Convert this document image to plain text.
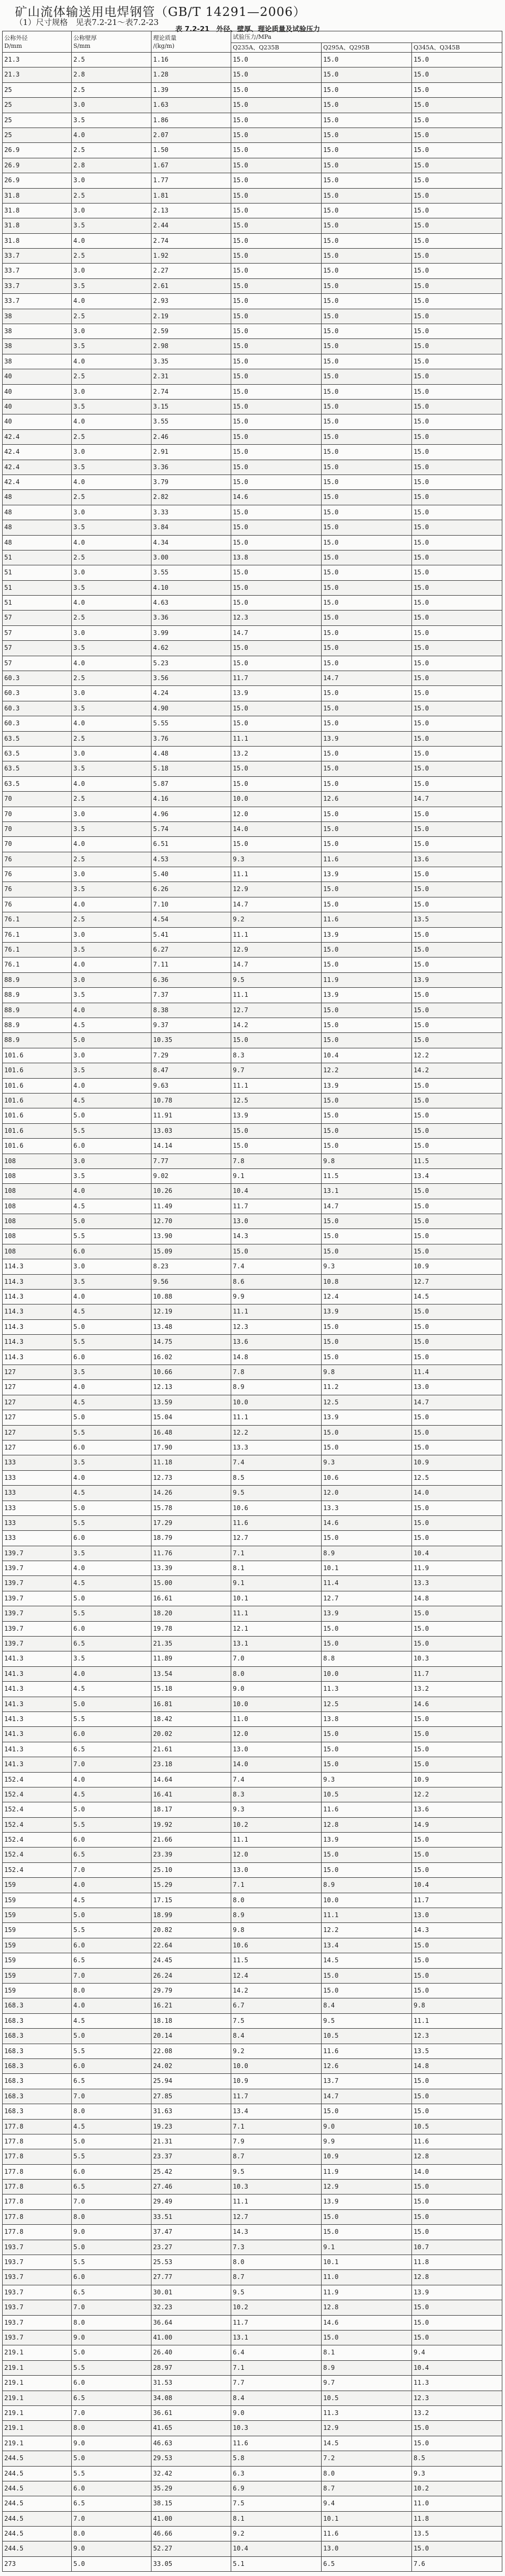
矿山流体输送用电焊钢管（GB/T 14291—2006）
（1）尺寸规格　见表7.2-21～表7.2-23
表 7.2-21　外径、壁厚、理论质量及试验压力
公称外径
D/mm	公称壁厚
S/mm	理论质量
/(kg/m)	试验压力/MPa		
			Q235A、Q235B	Q295A、Q295B	Q345A、Q345B
21.3	2.5	1.16	15.0	15.0	15.0
21.3	2.8	1.28	15.0	15.0	15.0
25	2.5	1.39	15.0	15.0	15.0
25	3.0	1.63	15.0	15.0	15.0
25	3.5	1.86	15.0	15.0	15.0
25	4.0	2.07	15.0	15.0	15.0
26.9	2.5	1.50	15.0	15.0	15.0
26.9	2.8	1.67	15.0	15.0	15.0
26.9	3.0	1.77	15.0	15.0	15.0
31.8	2.5	1.81	15.0	15.0	15.0
31.8	3.0	2.13	15.0	15.0	15.0
31.8	3.5	2.44	15.0	15.0	15.0
31.8	4.0	2.74	15.0	15.0	15.0
33.7	2.5	1.92	15.0	15.0	15.0
33.7	3.0	2.27	15.0	15.0	15.0
33.7	3.5	2.61	15.0	15.0	15.0
33.7	4.0	2.93	15.0	15.0	15.0
38	2.5	2.19	15.0	15.0	15.0
38	3.0	2.59	15.0	15.0	15.0
38	3.5	2.98	15.0	15.0	15.0
38	4.0	3.35	15.0	15.0	15.0
40	2.5	2.31	15.0	15.0	15.0
40	3.0	2.74	15.0	15.0	15.0
40	3.5	3.15	15.0	15.0	15.0
40	4.0	3.55	15.0	15.0	15.0
42.4	2.5	2.46	15.0	15.0	15.0
42.4	3.0	2.91	15.0	15.0	15.0
42.4	3.5	3.36	15.0	15.0	15.0
42.4	4.0	3.79	15.0	15.0	15.0
48	2.5	2.82	14.6	15.0	15.0
48	3.0	3.33	15.0	15.0	15.0
48	3.5	3.84	15.0	15.0	15.0
48	4.0	4.34	15.0	15.0	15.0
51	2.5	3.00	13.8	15.0	15.0
51	3.0	3.55	15.0	15.0	15.0
51	3.5	4.10	15.0	15.0	15.0
51	4.0	4.63	15.0	15.0	15.0
57	2.5	3.36	12.3	15.0	15.0
57	3.0	3.99	14.7	15.0	15.0
57	3.5	4.62	15.0	15.0	15.0
57	4.0	5.23	15.0	15.0	15.0
60.3	2.5	3.56	11.7	14.7	15.0
60.3	3.0	4.24	13.9	15.0	15.0
60.3	3.5	4.90	15.0	15.0	15.0
60.3	4.0	5.55	15.0	15.0	15.0
63.5	2.5	3.76	11.1	13.9	15.0
63.5	3.0	4.48	13.2	15.0	15.0
63.5	3.5	5.18	15.0	15.0	15.0
63.5	4.0	5.87	15.0	15.0	15.0
70	2.5	4.16	10.0	12.6	14.7
70	3.0	4.96	12.0	15.0	15.0
70	3.5	5.74	14.0	15.0	15.0
70	4.0	6.51	15.0	15.0	15.0
76	2.5	4.53	9.3	11.6	13.6
76	3.0	5.40	11.1	13.9	15.0
76	3.5	6.26	12.9	15.0	15.0
76	4.0	7.10	14.7	15.0	15.0
76.1	2.5	4.54	9.2	11.6	13.5
76.1	3.0	5.41	11.1	13.9	15.0
76.1	3.5	6.27	12.9	15.0	15.0
76.1	4.0	7.11	14.7	15.0	15.0
88.9	3.0	6.36	9.5	11.9	13.9
88.9	3.5	7.37	11.1	13.9	15.0
88.9	4.0	8.38	12.7	15.0	15.0
88.9	4.5	9.37	14.2	15.0	15.0
88.9	5.0	10.35	15.0	15.0	15.0
101.6	3.0	7.29	8.3	10.4	12.2
101.6	3.5	8.47	9.7	12.2	14.2
101.6	4.0	9.63	11.1	13.9	15.0
101.6	4.5	10.78	12.5	15.0	15.0
101.6	5.0	11.91	13.9	15.0	15.0
101.6	5.5	13.03	15.0	15.0	15.0
101.6	6.0	14.14	15.0	15.0	15.0
108	3.0	7.77	7.8	9.8	11.5
108	3.5	9.02	9.1	11.5	13.4
108	4.0	10.26	10.4	13.1	15.0
108	4.5	11.49	11.7	14.7	15.0
108	5.0	12.70	13.0	15.0	15.0
108	5.5	13.90	14.3	15.0	15.0
108	6.0	15.09	15.0	15.0	15.0
114.3	3.0	8.23	7.4	9.3	10.9
114.3	3.5	9.56	8.6	10.8	12.7
114.3	4.0	10.88	9.9	12.4	14.5
114.3	4.5	12.19	11.1	13.9	15.0
114.3	5.0	13.48	12.3	15.0	15.0
114.3	5.5	14.75	13.6	15.0	15.0
114.3	6.0	16.02	14.8	15.0	15.0
127	3.5	10.66	7.8	9.8	11.4
127	4.0	12.13	8.9	11.2	13.0
127	4.5	13.59	10.0	12.5	14.7
127	5.0	15.04	11.1	13.9	15.0
127	5.5	16.48	12.2	15.0	15.0
127	6.0	17.90	13.3	15.0	15.0
133	3.5	11.18	7.4	9.3	10.9
133	4.0	12.73	8.5	10.6	12.5
133	4.5	14.26	9.5	12.0	14.0
133	5.0	15.78	10.6	13.3	15.0
133	5.5	17.29	11.6	14.6	15.0
133	6.0	18.79	12.7	15.0	15.0
139.7	3.5	11.76	7.1	8.9	10.4
139.7	4.0	13.39	8.1	10.1	11.9
139.7	4.5	15.00	9.1	11.4	13.3
139.7	5.0	16.61	10.1	12.7	14.8
139.7	5.5	18.20	11.1	13.9	15.0
139.7	6.0	19.78	12.1	15.0	15.0
139.7	6.5	21.35	13.1	15.0	15.0
141.3	3.5	11.89	7.0	8.8	10.3
141.3	4.0	13.54	8.0	10.0	11.7
141.3	4.5	15.18	9.0	11.3	13.2
141.3	5.0	16.81	10.0	12.5	14.6
141.3	5.5	18.42	11.0	13.8	15.0
141.3	6.0	20.02	12.0	15.0	15.0
141.3	6.5	21.61	13.0	15.0	15.0
141.3	7.0	23.18	14.0	15.0	15.0
152.4	4.0	14.64	7.4	9.3	10.9
152.4	4.5	16.41	8.3	10.5	12.2
152.4	5.0	18.17	9.3	11.6	13.6
152.4	5.5	19.92	10.2	12.8	14.9
152.4	6.0	21.66	11.1	13.9	15.0
152.4	6.5	23.39	12.0	15.0	15.0
152.4	7.0	25.10	13.0	15.0	15.0
159	4.0	15.29	7.1	8.9	10.4
159	4.5	17.15	8.0	10.0	11.7
159	5.0	18.99	8.9	11.1	13.0
159	5.5	20.82	9.8	12.2	14.3
159	6.0	22.64	10.6	13.4	15.0
159	6.5	24.45	11.5	14.5	15.0
159	7.0	26.24	12.4	15.0	15.0
159	8.0	29.79	14.2	15.0	15.0
168.3	4.0	16.21	6.7	8.4	9.8
168.3	4.5	18.18	7.5	9.5	11.1
168.3	5.0	20.14	8.4	10.5	12.3
168.3	5.5	22.08	9.2	11.6	13.5
168.3	6.0	24.02	10.0	12.6	14.8
168.3	6.5	25.94	10.9	13.7	15.0
168.3	7.0	27.85	11.7	14.7	15.0
168.3	8.0	31.63	13.4	15.0	15.0
177.8	4.5	19.23	7.1	9.0	10.5
177.8	5.0	21.31	7.9	9.9	11.6
177.8	5.5	23.37	8.7	10.9	12.8
177.8	6.0	25.42	9.5	11.9	14.0
177.8	6.5	27.46	10.3	12.9	15.0
177.8	7.0	29.49	11.1	13.9	15.0
177.8	8.0	33.51	12.7	15.0	15.0
177.8	9.0	37.47	14.3	15.0	15.0
193.7	5.0	23.27	7.3	9.1	10.7
193.7	5.5	25.53	8.0	10.1	11.8
193.7	6.0	27.77	8.7	11.0	12.8
193.7	6.5	30.01	9.5	11.9	13.9
193.7	7.0	32.23	10.2	12.8	15.0
193.7	8.0	36.64	11.7	14.6	15.0
193.7	9.0	41.00	13.1	15.0	15.0
219.1	5.0	26.40	6.4	8.1	9.4
219.1	5.5	28.97	7.1	8.9	10.4
219.1	6.0	31.53	7.7	9.7	11.3
219.1	6.5	34.08	8.4	10.5	12.3
219.1	7.0	36.61	9.0	11.3	13.2
219.1	8.0	41.65	10.3	12.9	15.0
219.1	9.0	46.63	11.6	14.5	15.0
244.5	5.0	29.53	5.8	7.2	8.5
244.5	5.5	32.42	6.3	8.0	9.3
244.5	6.0	35.29	6.9	8.7	10.2
244.5	6.5	38.15	7.5	9.4	11.0
244.5	7.0	41.00	8.1	10.1	11.8
244.5	8.0	46.66	9.2	11.6	13.5
244.5	9.0	52.27	10.4	13.0	15.0
273	5.0	33.05	5.1	6.5	7.6
